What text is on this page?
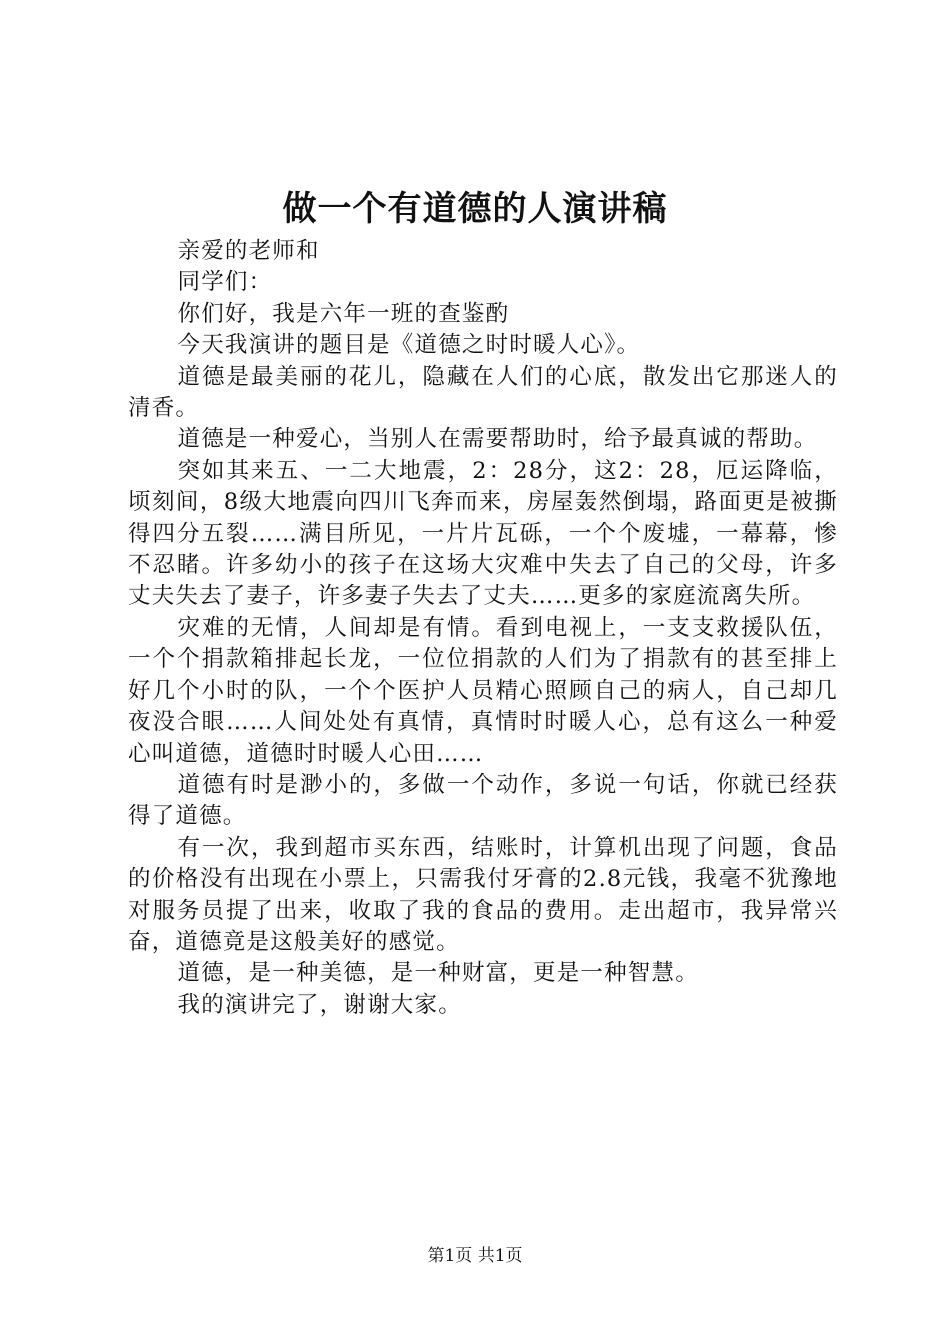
做一个有道德的人演讲稿

亲爱的老师和

同学们：

你们好，我是六年一班的查鉴酌

今天我演讲的题目是《道德之时时暖人心》。

道德是最美丽的花儿，隐藏在人们的心底，散发出它那迷人的清香。

道德是一种爱心，当别人在需要帮助时，给予最真诚的帮助。

突如其来五、一二大地震，2：28分，这2：28，厄运降临，顷刻间，8级大地震向四川飞奔而来，房屋轰然倒塌，路面更是被撕得四分五裂……满目所见，一片片瓦砾，一个个废墟，一幕幕，惨不忍睹。许多幼小的孩子在这场大灾难中失去了自己的父母，许多丈夫失去了妻子，许多妻子失去了丈夫……更多的家庭流离失所。

灾难的无情，人间却是有情。看到电视上，一支支救援队伍，一个个捐款箱排起长龙，一位位捐款的人们为了捐款有的甚至排上好几个小时的队，一个个医护人员精心照顾自己的病人，自己却几夜没合眼……人间处处有真情，真情时时暖人心，总有这么一种爱心叫道德，道德时时暖人心田……

道德有时是渺小的，多做一个动作，多说一句话，你就已经获得了道德。

有一次，我到超市买东西，结账时，计算机出现了问题，食品的价格没有出现在小票上，只需我付牙膏的2.8元钱，我毫不犹豫地对服务员提了出来，收取了我的食品的费用。走出超市，我异常兴奋，道德竟是这般美好的感觉。

道德，是一种美德，是一种财富，更是一种智慧。

我的演讲完了，谢谢大家。

第1页 共1页
